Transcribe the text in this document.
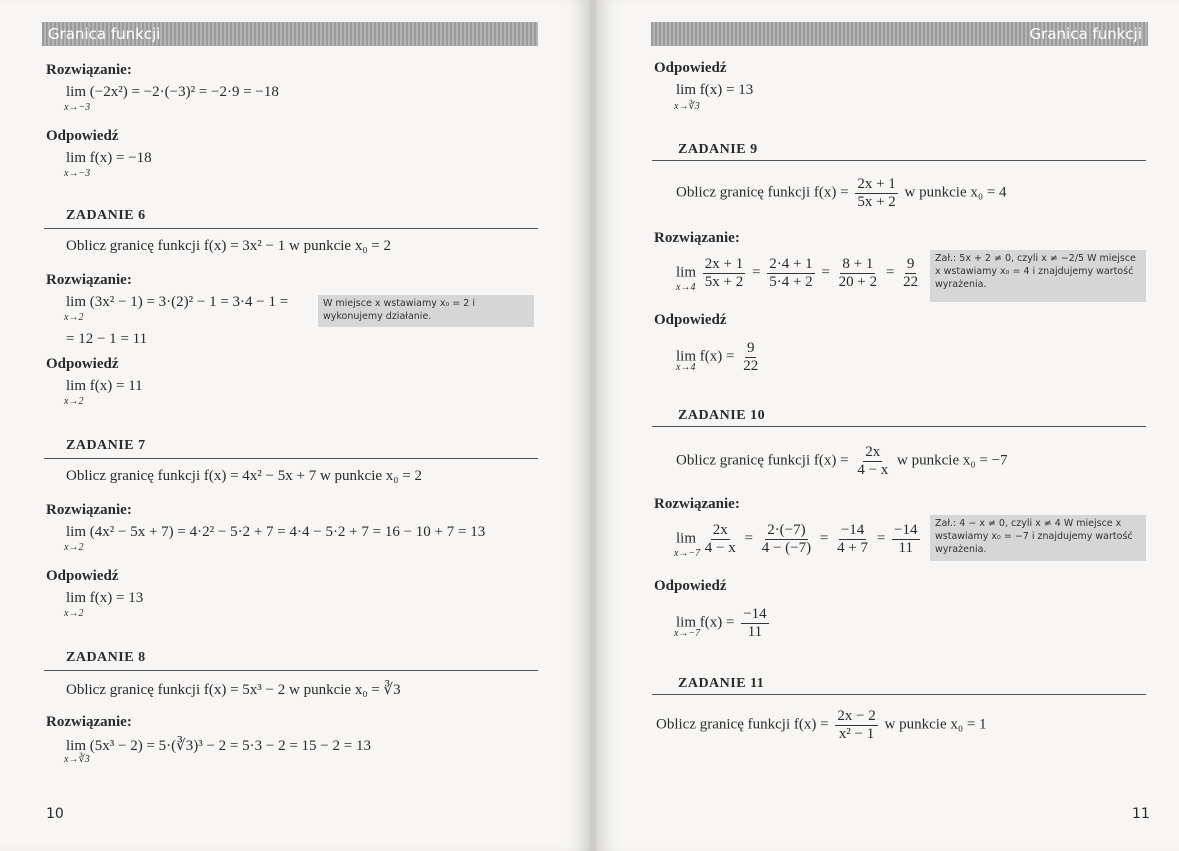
Granica funkcji
Rozwiązanie:
lim (−2x²) = −2·(−3)² = −2·9 = −18
x→−3
Odpowiedź
lim f(x) = −18
x→−3
ZADANIE 6
Oblicz granicę funkcji f(x) = 3x² − 1 w punkcie x₀ = 2
Rozwiązanie:
lim (3x² − 1) = 3·(2)² − 1 = 3·4 − 1 =
x→2
W miejsce x wstawiamy x₀ = 2 i wykonujemy działanie.
= 12 − 1 = 11
Odpowiedź
lim f(x) = 11
x→2
ZADANIE 7
Oblicz granicę funkcji f(x) = 4x² − 5x + 7 w punkcie x₀ = 2
Rozwiązanie:
lim (4x² − 5x + 7) = 4·2² − 5·2 + 7 = 4·4 − 5·2 + 7 = 16 − 10 + 7 = 13
x→2
Odpowiedź
lim f(x) = 13
x→2
ZADANIE 8
Oblicz granicę funkcji f(x) = 5x³ − 2 w punkcie x₀ = ∛3
Rozwiązanie:
lim (5x³ − 2) = 5·(∛3)³ − 2 = 5·3 − 2 = 15 − 2 = 13
x→∛3
10
Granica funkcji
Odpowiedź
lim f(x) = 13
x→∛3
ZADANIE 9
Oblicz granicę funkcji $f(x) = \frac{2x + 1}{5x + 2}$ w punkcie x₀ = 4
Rozwiązanie:
$\lim \frac{2x + 1}{5x + 2} = \frac{2\cdot 4 + 1}{5\cdot 4 + 2} = \frac{8 + 1}{20 + 2} = \frac{9}{22}$
x→4
Zał.: 5x + 2 ≠ 0, czyli x ≠ −2/5 W miejsce x wstawiamy x₀ = 4 i znajdujemy wartość wyrażenia.
Odpowiedź
$\lim f(x) = \frac{9}{22}$
x→4
ZADANIE 10
Oblicz granicę funkcji $f(x) = \frac{2x}{4 - x}$ w punkcie x₀ = −7
Rozwiązanie:
$\lim \frac{2x}{4 - x} = \frac{2\cdot(-7)}{4 - (-7)} = \frac{-14}{4 + 7} = \frac{-14}{11}$
x→−7
Zał.: 4 − x ≠ 0, czyli x ≠ 4 W miejsce x wstawiamy x₀ = −7 i znajdujemy wartość wyrażenia.
Odpowiedź
$\lim f(x) = \frac{-14}{11}$
x→−7
ZADANIE 11
Oblicz granicę funkcji $f(x) = \frac{2x - 2}{\text{x² − 1}}$ w punkcie x₀ = 1
11
